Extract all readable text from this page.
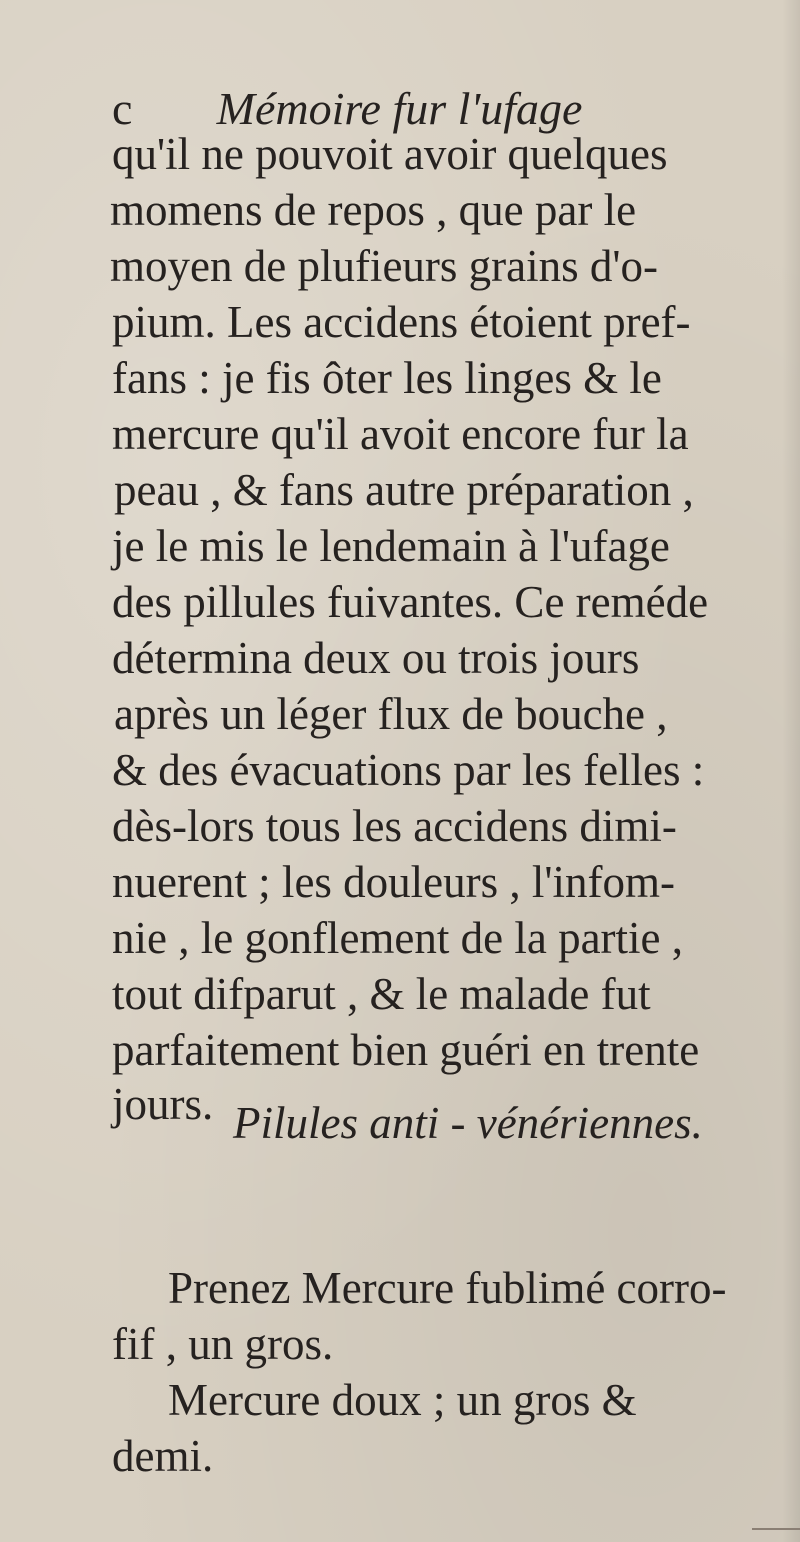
c Mémoire fur l'ufage
qu'il ne pouvoit avoir quelques
momens de repos , que par le
moyen de plufieurs grains d'o-
pium. Les accidens étoient pref-
fans : je fis ôter les linges & le
mercure qu'il avoit encore fur la
peau , & fans autre préparation ,
je le mis le lendemain à l'ufage
des pillules fuivantes. Ce reméde
détermina deux ou trois jours
après un léger flux de bouche ,
& des évacuations par les felles :
dès-lors tous les accidens dimi-
nuerent ; les douleurs , l'infom-
nie , le gonflement de la partie ,
tout difparut , & le malade fut
parfaitement bien guéri en trente
jours. Pilules anti - vénériennes.
Prenez Mercure fublimé corro-
fif , un gros.
Mercure doux ; un gros &
demi.
